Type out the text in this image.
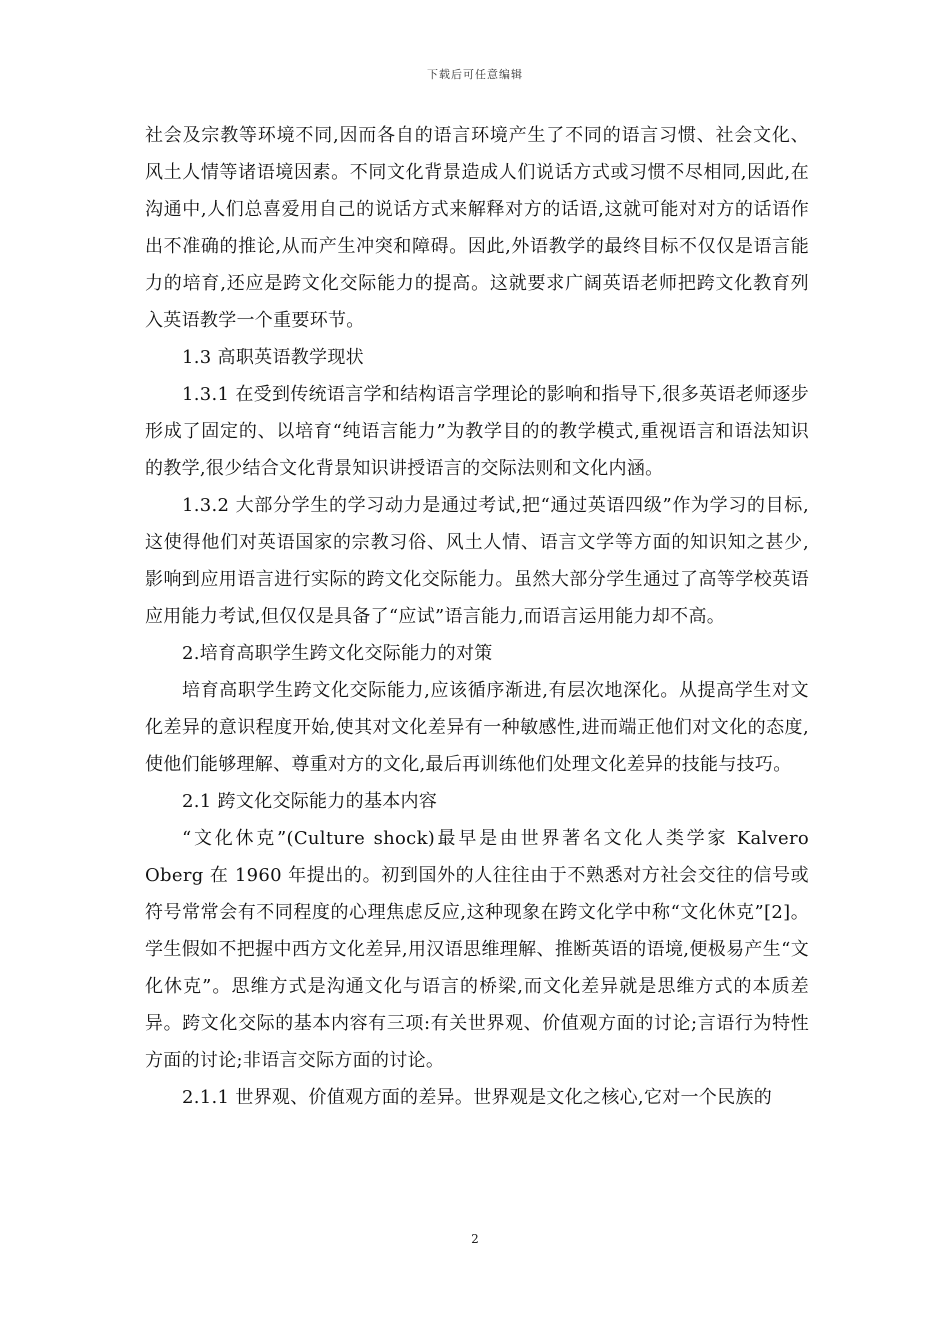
下载后可任意编辑

社会及宗教等环境不同,因而各自的语言环境产生了不同的语言习惯、社会文化、风土人情等诸语境因素。不同文化背景造成人们说话方式或习惯不尽相同,因此,在沟通中,人们总喜爱用自己的说话方式来解释对方的话语,这就可能对对方的话语作出不准确的推论,从而产生冲突和障碍。因此,外语教学的最终目标不仅仅是语言能力的培育,还应是跨文化交际能力的提高。这就要求广阔英语老师把跨文化教育列入英语教学一个重要环节。

1.3 高职英语教学现状

1.3.1 在受到传统语言学和结构语言学理论的影响和指导下,很多英语老师逐步形成了固定的、以培育“纯语言能力”为教学目的的教学模式,重视语言和语法知识的教学,很少结合文化背景知识讲授语言的交际法则和文化内涵。

1.3.2 大部分学生的学习动力是通过考试,把“通过英语四级”作为学习的目标,这使得他们对英语国家的宗教习俗、风土人情、语言文学等方面的知识知之甚少,影响到应用语言进行实际的跨文化交际能力。虽然大部分学生通过了高等学校英语应用能力考试,但仅仅是具备了“应试”语言能力,而语言运用能力却不高。

2.培育高职学生跨文化交际能力的对策

培育高职学生跨文化交际能力,应该循序渐进,有层次地深化。从提高学生对文化差异的意识程度开始,使其对文化差异有一种敏感性,进而端正他们对文化的态度,使他们能够理解、尊重对方的文化,最后再训练他们处理文化差异的技能与技巧。

2.1 跨文化交际能力的基本内容

“文化休克”(Culture shock)最早是由世界著名文化人类学家 Kalvero Oberg 在 1960 年提出的。初到国外的人往往由于不熟悉对方社会交往的信号或符号常常会有不同程度的心理焦虑反应,这种现象在跨文化学中称“文化休克”[2]。学生假如不把握中西方文化差异,用汉语思维理解、推断英语的语境,便极易产生“文化休克”。思维方式是沟通文化与语言的桥梁,而文化差异就是思维方式的本质差异。跨文化交际的基本内容有三项:有关世界观、价值观方面的讨论;言语行为特性方面的讨论;非语言交际方面的讨论。

2.1.1 世界观、价值观方面的差异。世界观是文化之核心,它对一个民族的

2
